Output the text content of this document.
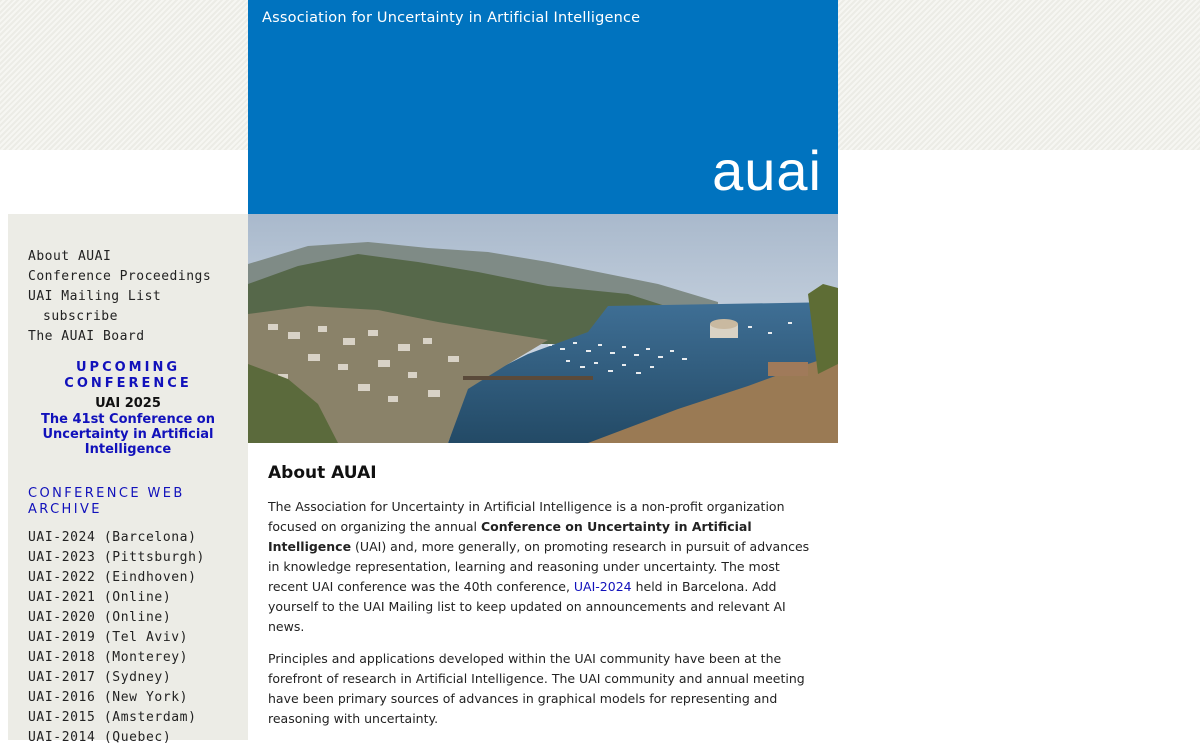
Association for Uncertainty in Artificial Intelligence
auai
About AUAI
Conference Proceedings
UAI Mailing List
subscribe
The AUAI Board
UPCOMING CONFERENCE
UAI 2025
The 41st Conference on Uncertainty in Artificial Intelligence
CONFERENCE WEB ARCHIVE
UAI-2024 (Barcelona)
UAI-2023 (Pittsburgh)
UAI-2022 (Eindhoven)
UAI-2021 (Online)
UAI-2020 (Online)
UAI-2019 (Tel Aviv)
UAI-2018 (Monterey)
UAI-2017 (Sydney)
UAI-2016 (New York)
UAI-2015 (Amsterdam)
UAI-2014 (Quebec)
About AUAI

The Association for Uncertainty in Artificial Intelligence is a non-profit organization focused on organizing the annual Conference on Uncertainty in Artificial Intelligence (UAI) and, more generally, on promoting research in pursuit of advances in knowledge representation, learning and reasoning under uncertainty. The most recent UAI conference was the 40th conference, UAI-2024 held in Barcelona. Add yourself to the UAI Mailing list to keep updated on announcements and relevant AI news.

Principles and applications developed within the UAI community have been at the forefront of research in Artificial Intelligence. The UAI community and annual meeting have been primary sources of advances in graphical models for representing and reasoning with uncertainty.
